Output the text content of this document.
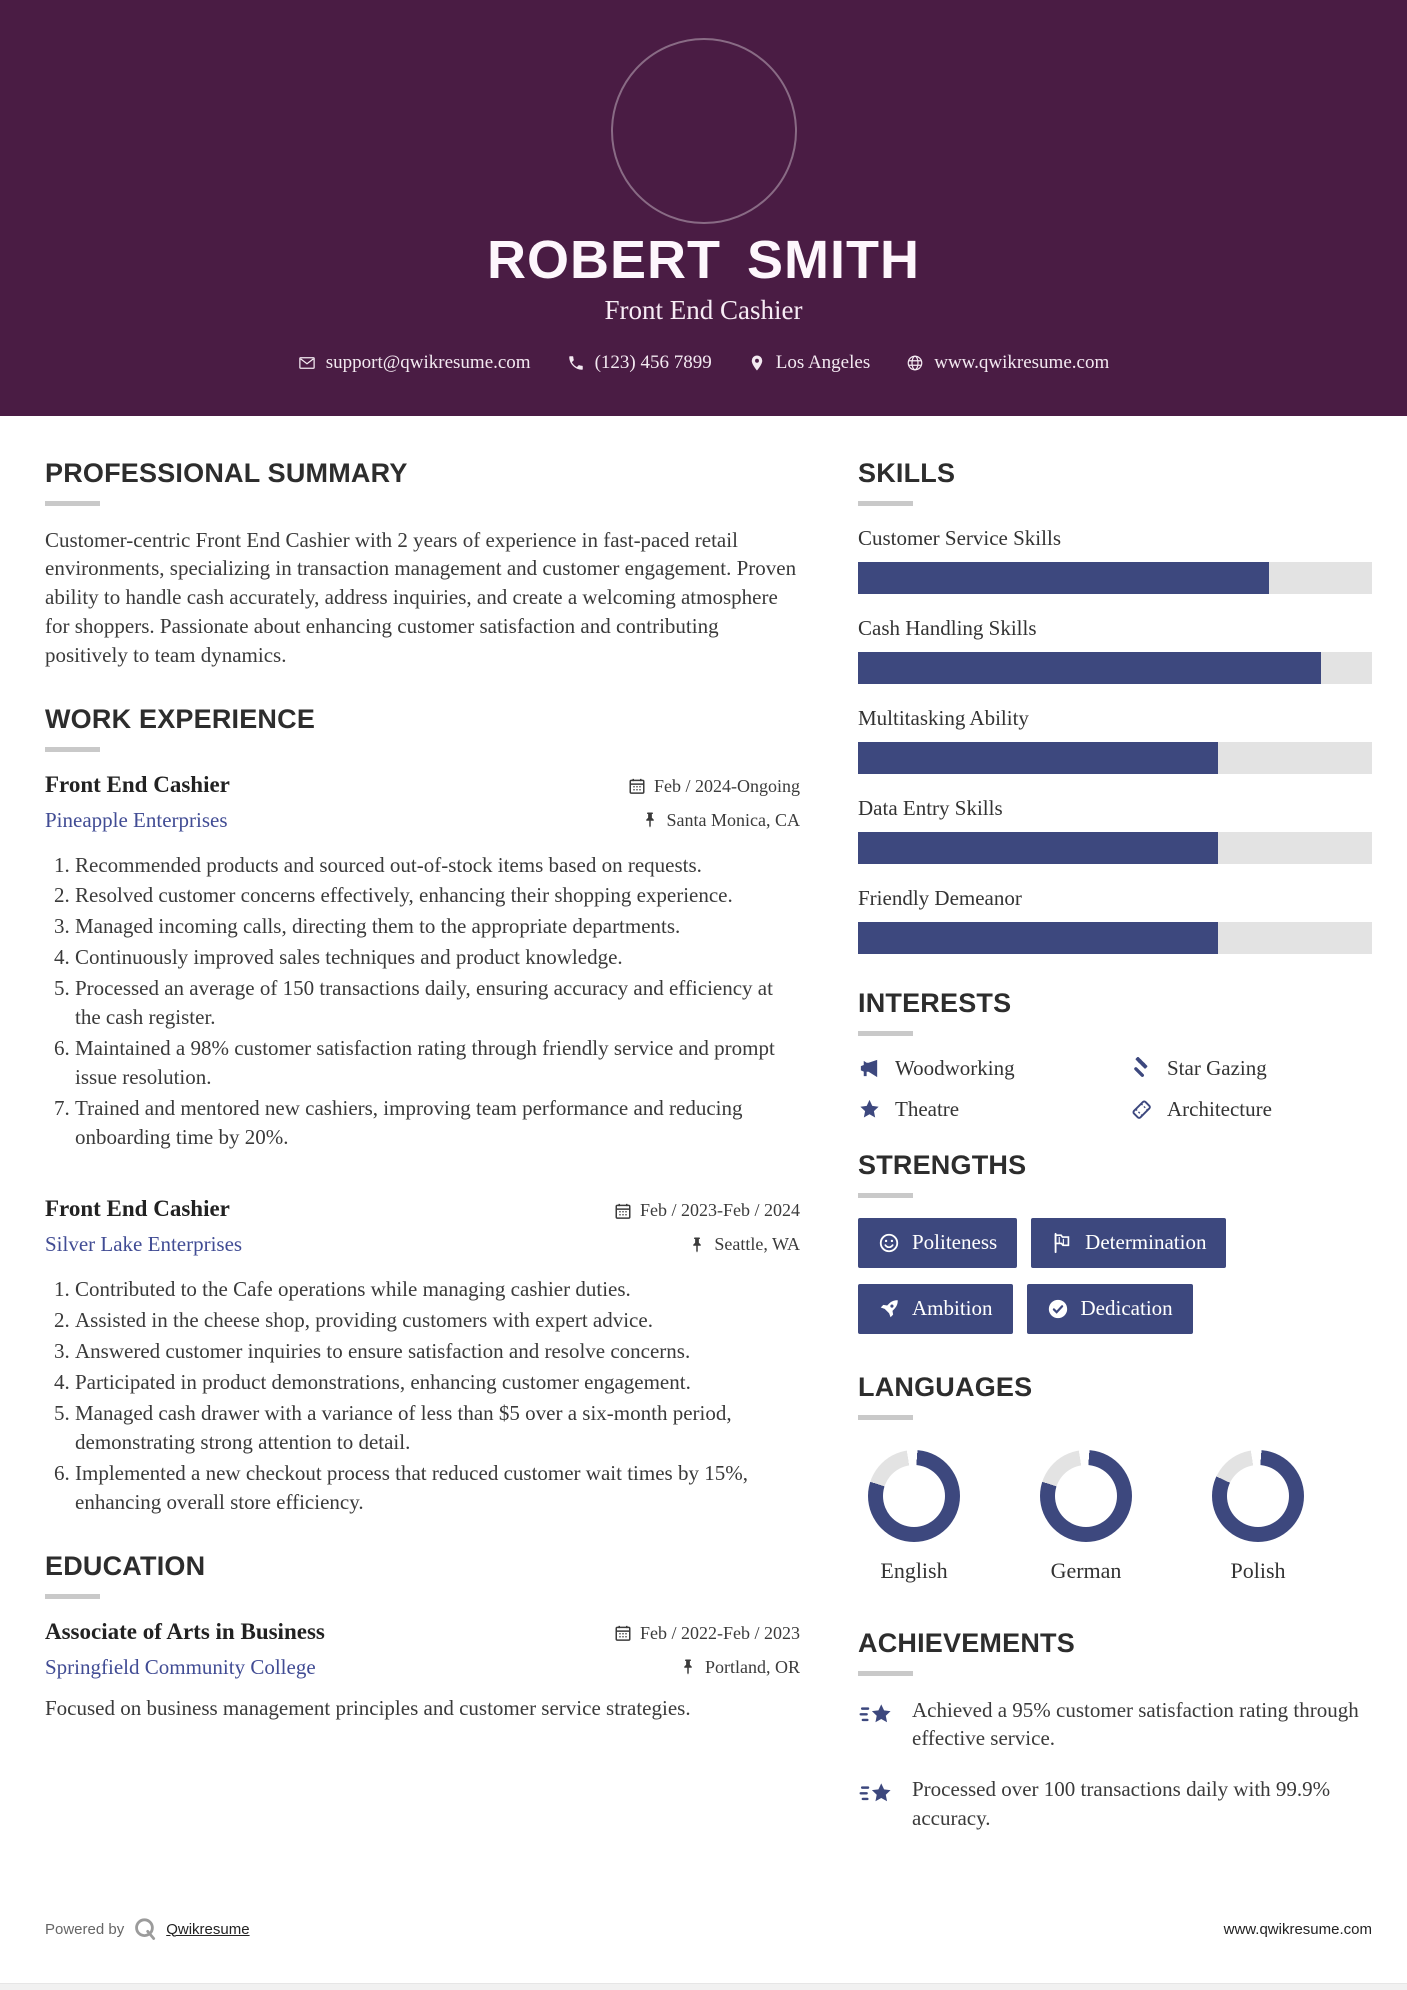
ROBERT SMITH
Front End Cashier
support@qwikresume.com	(123) 456 7899	Los Angeles	www.qwikresume.com
PROFESSIONAL SUMMARY

Customer-centric Front End Cashier with 2 years of experience in fast-paced retail environments, specializing in transaction management and customer engagement. Proven ability to handle cash accurately, address inquiries, and create a welcoming atmosphere for shoppers. Passionate about enhancing customer satisfaction and contributing positively to team dynamics.

WORK EXPERIENCE
Front End Cashier
Pineapple Enterprises
Feb / 2024-Ongoing
Santa Monica, CA
1. Recommended products and sourced out-of-stock items based on requests.
2. Resolved customer concerns effectively, enhancing their shopping experience.
3. Managed incoming calls, directing them to the appropriate departments.
4. Continuously improved sales techniques and product knowledge.
5. Processed an average of 150 transactions daily, ensuring accuracy and efficiency at the cash register.
6. Maintained a 98% customer satisfaction rating through friendly service and prompt issue resolution.
7. Trained and mentored new cashiers, improving team performance and reducing onboarding time by 20%.
Front End Cashier
Silver Lake Enterprises
Feb / 2023-Feb / 2024
Seattle, WA
1. Contributed to the Cafe operations while managing cashier duties.
2. Assisted in the cheese shop, providing customers with expert advice.
3. Answered customer inquiries to ensure satisfaction and resolve concerns.
4. Participated in product demonstrations, enhancing customer engagement.
5. Managed cash drawer with a variance of less than $5 over a six-month period, demonstrating strong attention to detail.
6. Implemented a new checkout process that reduced customer wait times by 15%, enhancing overall store efficiency.
EDUCATION
Associate of Arts in Business
Springfield Community College
Feb / 2022-Feb / 2023
Portland, OR

Focused on business management principles and customer service strategies.

SKILLS
Customer Service Skills
Cash Handling Skills
Multitasking Ability
Data Entry Skills
Friendly Demeanor
INTERESTS
Woodworking	Star Gazing
Theatre	Architecture
STRENGTHS
Politeness	Determination
Ambition	Dedication
LANGUAGES
English	German	Polish
ACHIEVEMENTS
Achieved a 95% customer satisfaction rating through effective service.
Processed over 100 transactions daily with 99.9% accuracy.
Powered by	Qwikresume	www.qwikresume.com
